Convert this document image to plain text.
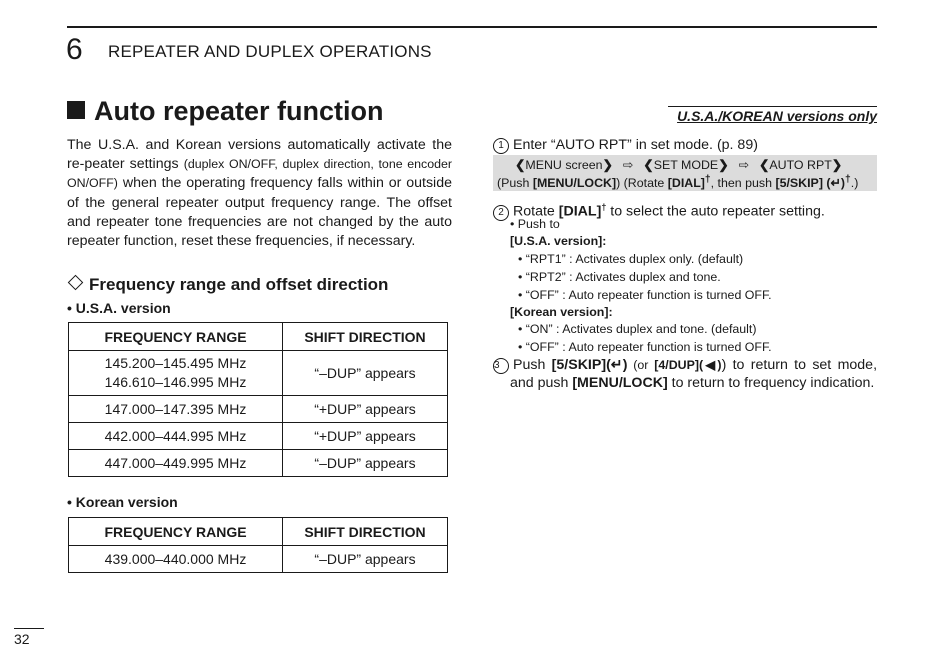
6 REPEATER AND DUPLEX OPERATIONS
Auto repeater function	U.S.A./KOREAN versions only
The U.S.A. and Korean versions automatically activate the re-peater settings (duplex ON/OFF, duplex direction, tone encoder ON/OFF) when the operating frequency falls within or outside of the general repeater output frequency range. The offset and repeater tone frequencies are not changed by the auto repeater function, reset these frequencies, if necessary.
Frequency range and offset direction
• U.S.A. version
FREQUENCY RANGE	SHIFT DIRECTION
145.200–145.495 MHz
146.610–146.995 MHz	“–DUP” appears
147.000–147.395 MHz	“+DUP” appears
442.000–444.995 MHz	“+DUP” appears
447.000–449.995 MHz	“–DUP” appears
• Korean version
FREQUENCY RANGE	SHIFT DIRECTION
439.000–440.000 MHz	“–DUP” appears
1 Enter “AUTO RPT” in set mode. (p. 89)
❮MENU screen❯ ⇨ ❮SET MODE❯ ⇨ ❮AUTO RPT❯
(Push [MENU/LOCK]) (Rotate [DIAL]†, then push [5/SKIP] (↵)†.)
2 Rotate [DIAL]† to select the auto repeater setting.
• Push to
[U.S.A. version]:
• “RPT1” : Activates duplex only. (default)
• “RPT2” : Activates duplex and tone.
• “OFF” : Auto repeater function is turned OFF.
[Korean version]:
• “ON” : Activates duplex and tone. (default)
• “OFF” : Auto repeater function is turned OFF.
3 Push [5/SKIP](↵) (or [4/DUP](◀)) to return to set mode,
and push [MENU/LOCK] to return to frequency indication.
32
